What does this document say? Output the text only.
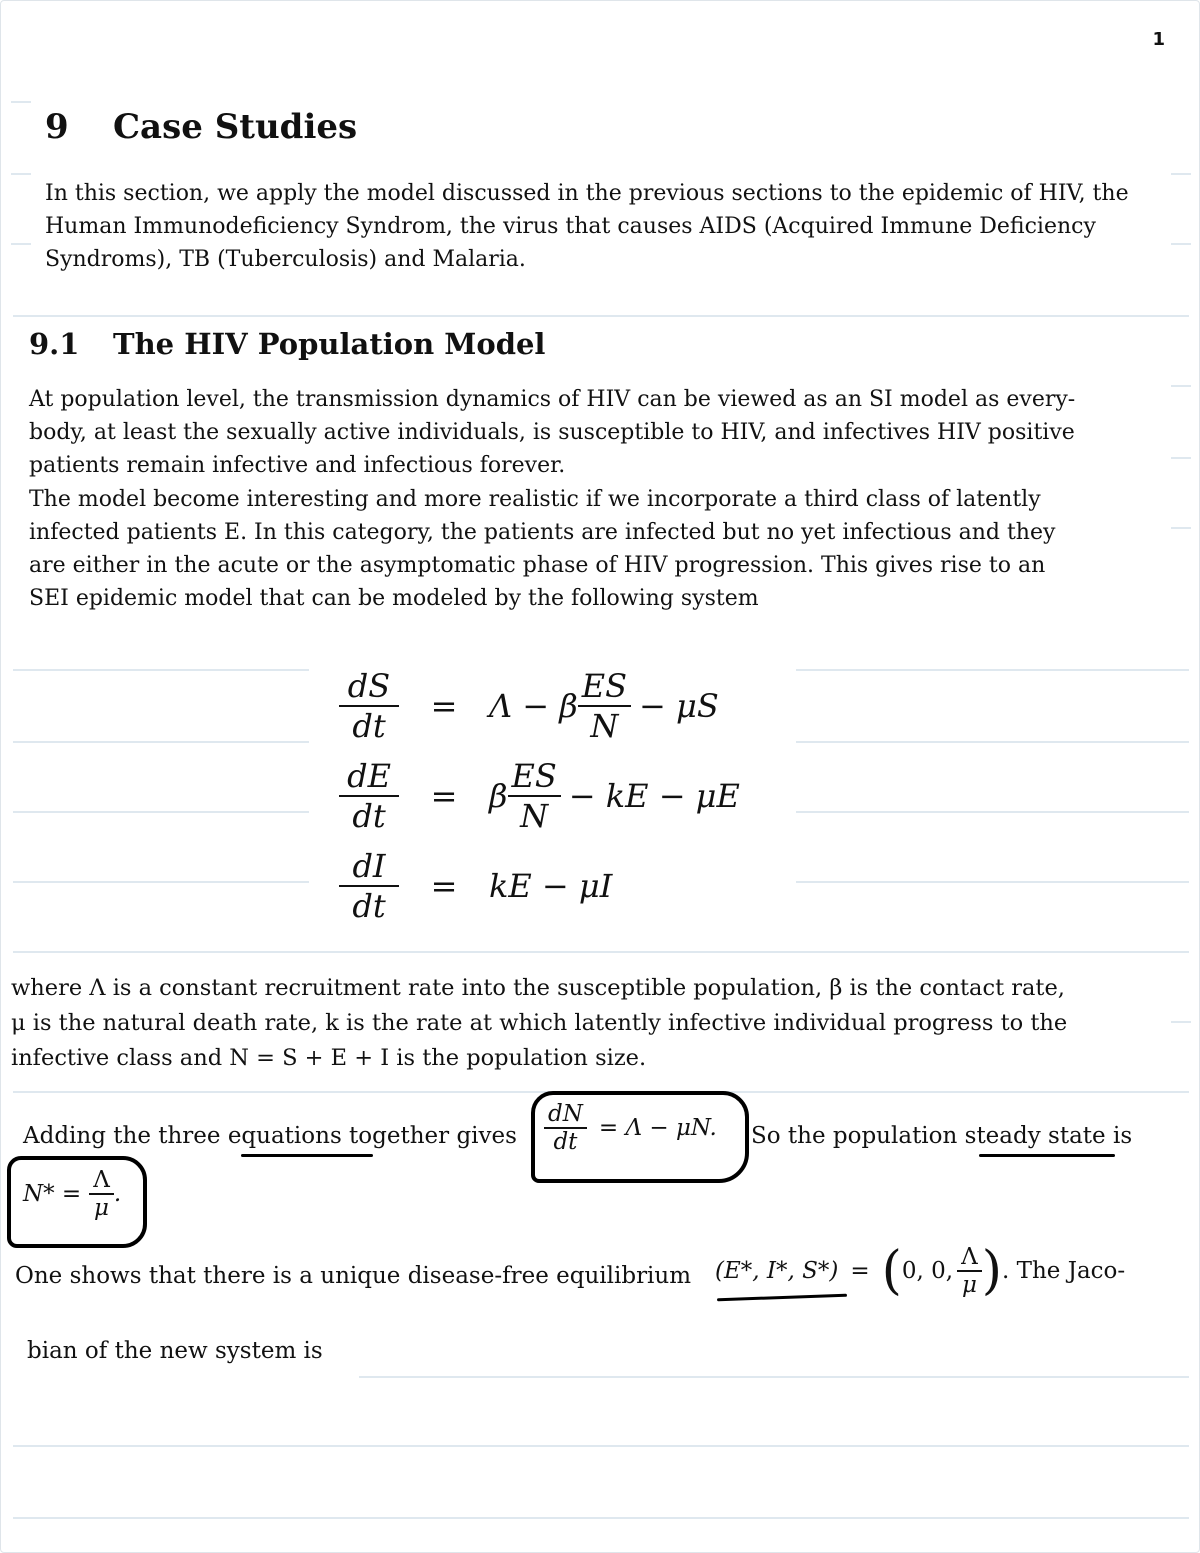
1
9 Case Studies
In this section, we apply the model discussed in the previous sections to the epidemic of HIV, the
Human Immunodeficiency Syndrom, the virus that causes AIDS (Acquired Immune Deficiency
Syndroms), TB (Tuberculosis) and Malaria.
9.1 The HIV Population Model
At population level, the transmission dynamics of HIV can be viewed as an SI model as every-
body, at least the sexually active individuals, is susceptible to HIV, and infectives HIV positive
patients remain infective and infectious forever.
The model become interesting and more realistic if we incorporate a third class of latently
infected patients E. In this category, the patients are infected but no yet infectious and they
are either in the acute or the asymptomatic phase of HIV progression. This gives rise to an
SEI epidemic model that can be modeled by the following system
$\frac{dS}{dt} = \Lambda - \beta \frac{ES}{N} - \mu S$
$\frac{dE}{dt} = \beta \frac{ES}{N}$ − kE − μE
$\frac{dI}{dt}$ = kE − μI
where Λ is a constant recruitment rate into the susceptible population, β is the contact rate,
μ is the natural death rate, k is the rate at which latently infective individual progress to the
infective class and N = S + E + I is the population size.
Adding the three equations together gives $\frac{dN}{dt} = \Lambda - \mu N$. So the population steady state is
$N* = \frac{\Lambda}{\mu}$ .
One shows that there is a unique disease-free equilibrium (E*, I*, S*) = ( 0, 0, $\frac{\Lambda}{\mu}$ ) . The Jaco-
bian of the new system is
